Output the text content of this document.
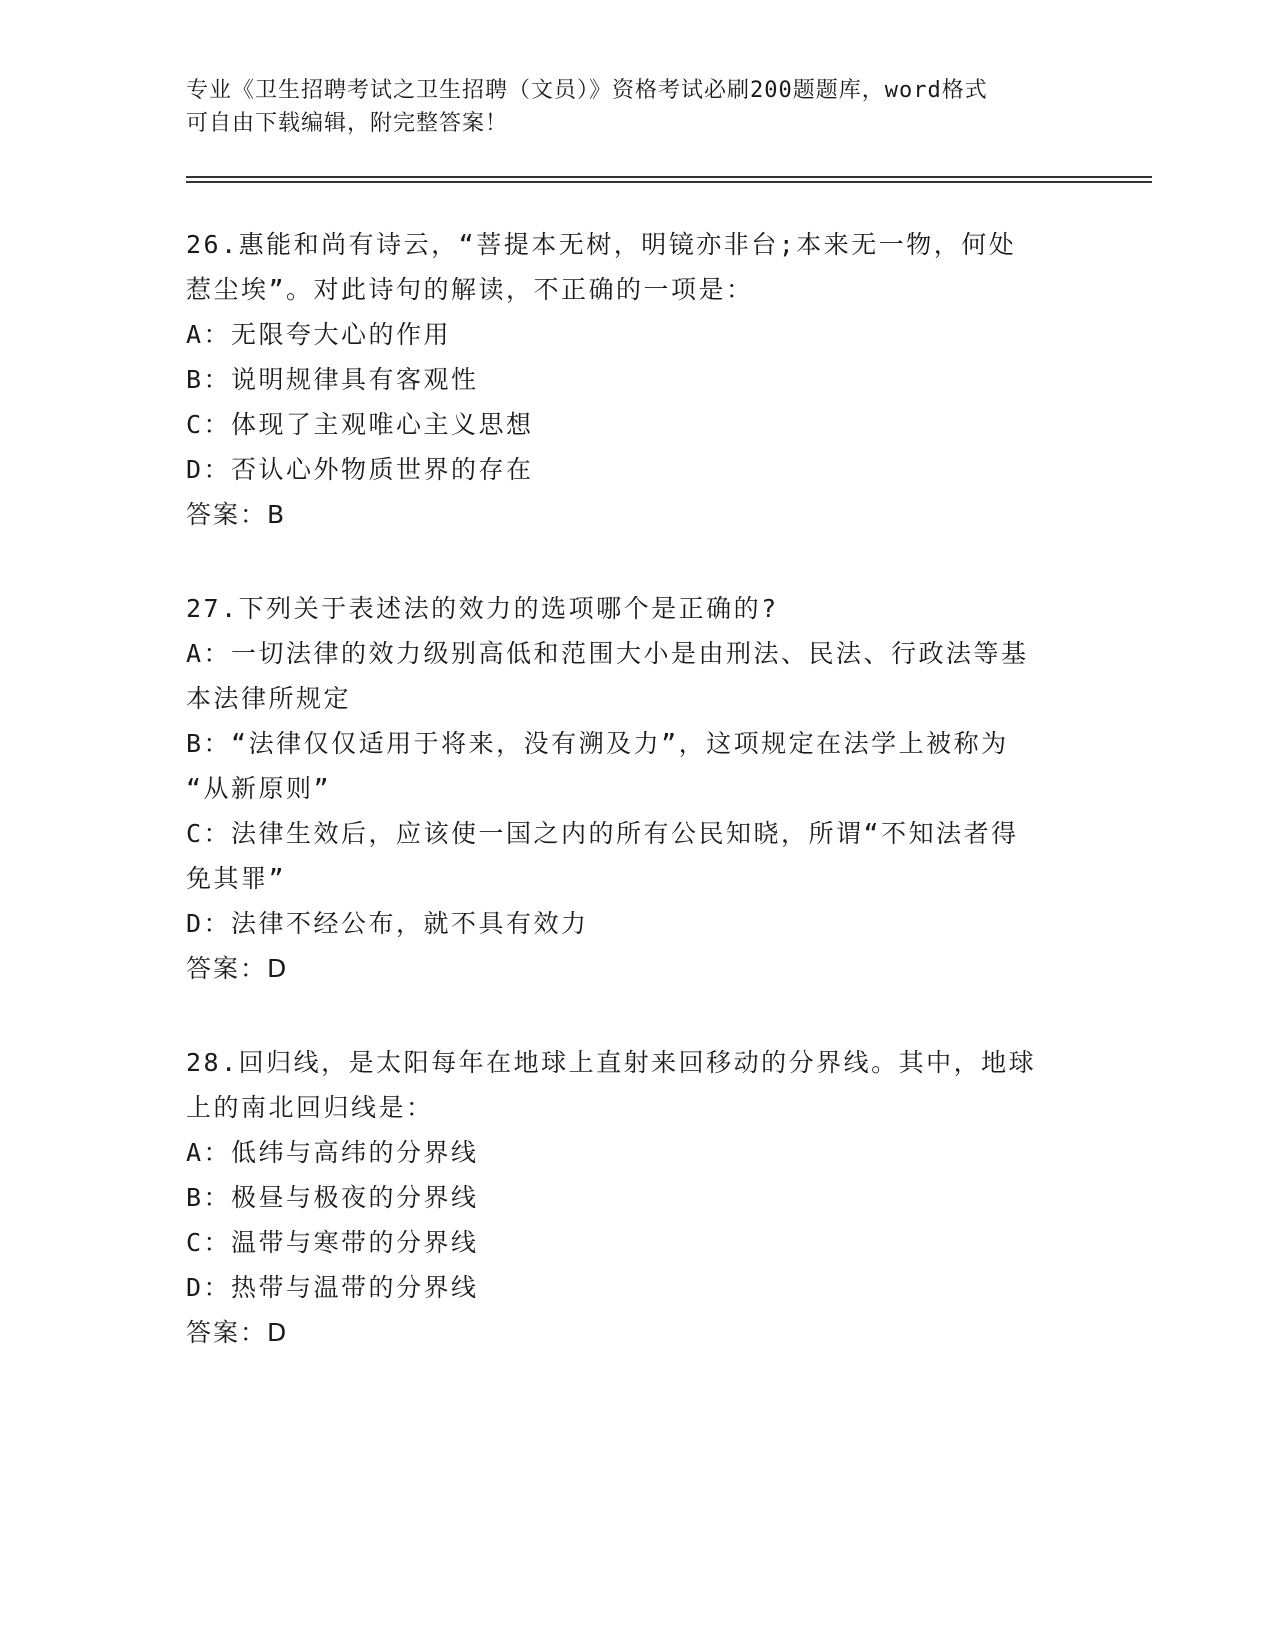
专业《卫生招聘考试之卫生招聘（文员）》资格考试必刷200题题库，word格式
可自由下载编辑，附完整答案！
26.惠能和尚有诗云，“菩提本无树，明镜亦非台;本来无一物，何处
惹尘埃”。对此诗句的解读，不正确的一项是：
A：无限夸大心的作用
B：说明规律具有客观性
C：体现了主观唯心主义思想
D：否认心外物质世界的存在
答案：B
27.下列关于表述法的效力的选项哪个是正确的?
A：一切法律的效力级别高低和范围大小是由刑法、民法、行政法等基
本法律所规定
B：“法律仅仅适用于将来，没有溯及力”，这项规定在法学上被称为
“从新原则”
C：法律生效后，应该使一国之内的所有公民知晓，所谓“不知法者得
免其罪”
D：法律不经公布，就不具有效力
答案：D
28.回归线，是太阳每年在地球上直射来回移动的分界线。其中，地球
上的南北回归线是：
A：低纬与高纬的分界线
B：极昼与极夜的分界线
C：温带与寒带的分界线
D：热带与温带的分界线
答案：D
